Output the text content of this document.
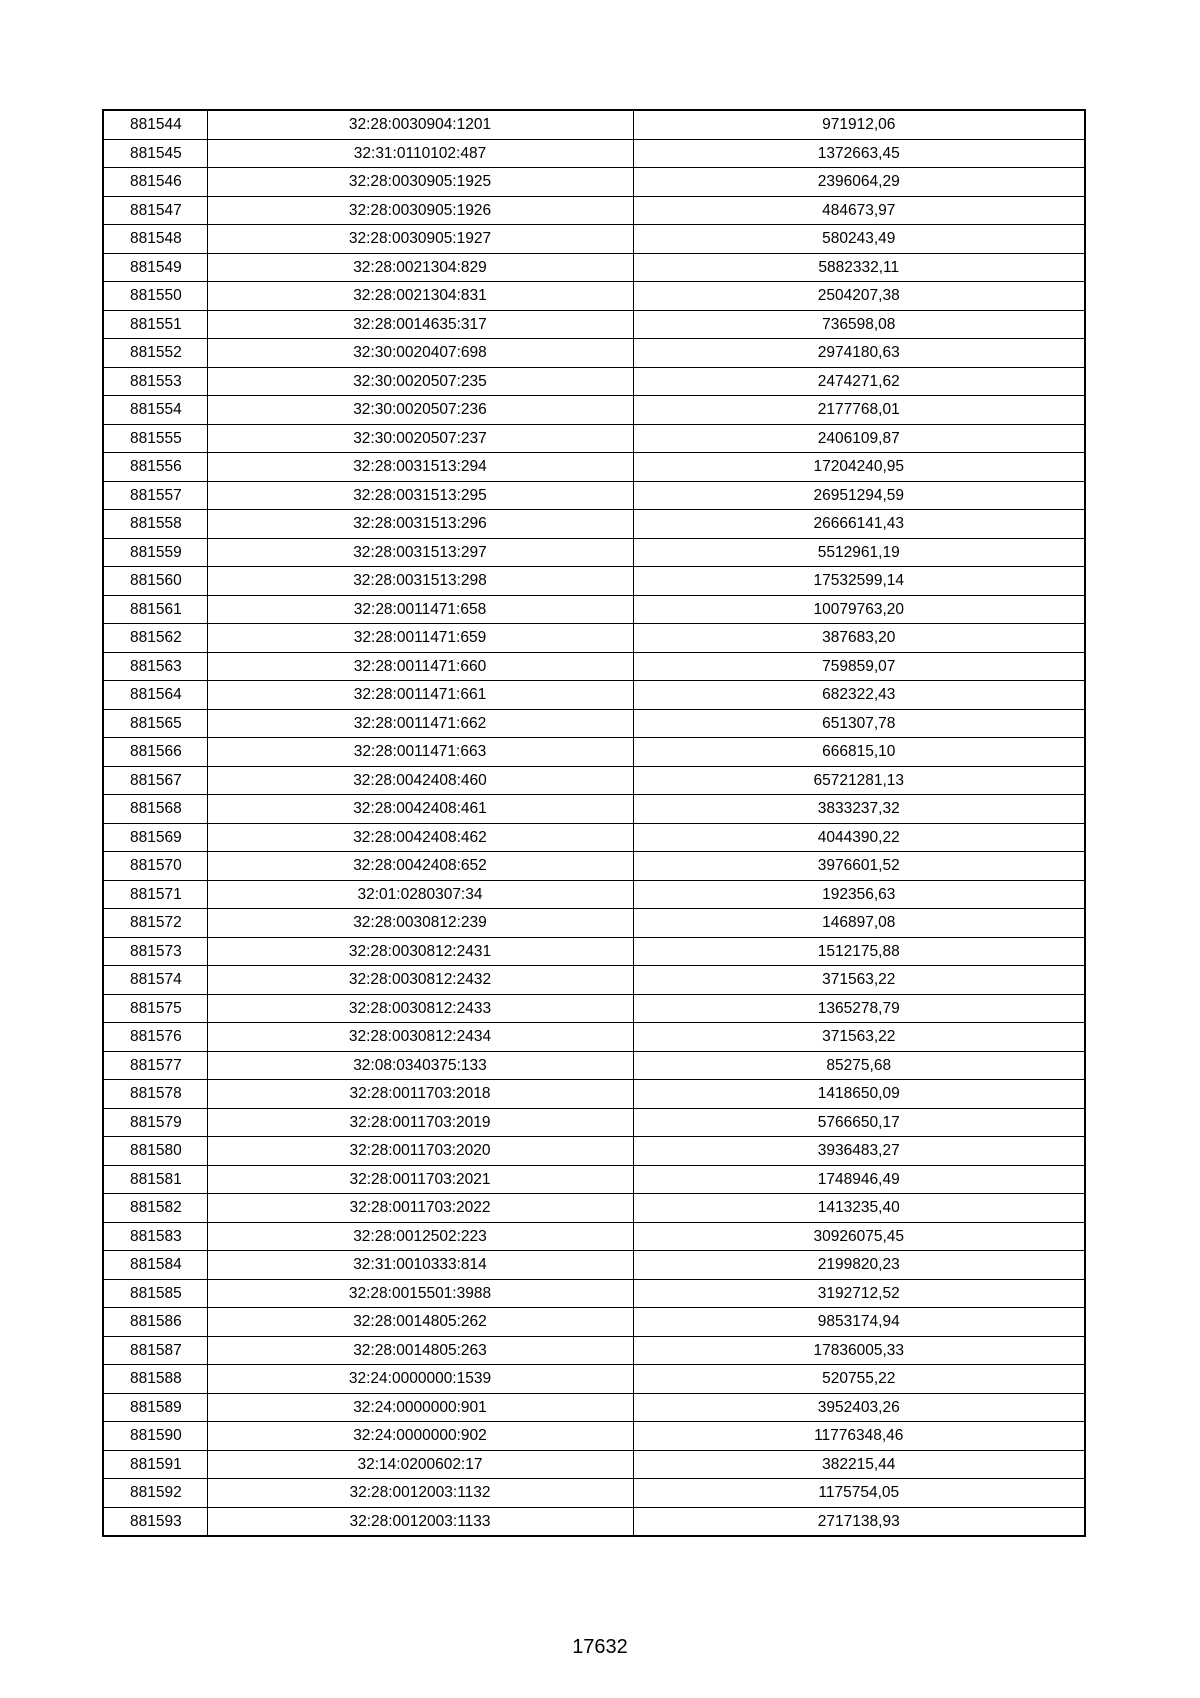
881544	32:28:0030904:1201	971912,06
881545	32:31:0110102:487	1372663,45
881546	32:28:0030905:1925	2396064,29
881547	32:28:0030905:1926	484673,97
881548	32:28:0030905:1927	580243,49
881549	32:28:0021304:829	5882332,11
881550	32:28:0021304:831	2504207,38
881551	32:28:0014635:317	736598,08
881552	32:30:0020407:698	2974180,63
881553	32:30:0020507:235	2474271,62
881554	32:30:0020507:236	2177768,01
881555	32:30:0020507:237	2406109,87
881556	32:28:0031513:294	17204240,95
881557	32:28:0031513:295	26951294,59
881558	32:28:0031513:296	26666141,43
881559	32:28:0031513:297	5512961,19
881560	32:28:0031513:298	17532599,14
881561	32:28:0011471:658	10079763,20
881562	32:28:0011471:659	387683,20
881563	32:28:0011471:660	759859,07
881564	32:28:0011471:661	682322,43
881565	32:28:0011471:662	651307,78
881566	32:28:0011471:663	666815,10
881567	32:28:0042408:460	65721281,13
881568	32:28:0042408:461	3833237,32
881569	32:28:0042408:462	4044390,22
881570	32:28:0042408:652	3976601,52
881571	32:01:0280307:34	192356,63
881572	32:28:0030812:239	146897,08
881573	32:28:0030812:2431	1512175,88
881574	32:28:0030812:2432	371563,22
881575	32:28:0030812:2433	1365278,79
881576	32:28:0030812:2434	371563,22
881577	32:08:0340375:133	85275,68
881578	32:28:0011703:2018	1418650,09
881579	32:28:0011703:2019	5766650,17
881580	32:28:0011703:2020	3936483,27
881581	32:28:0011703:2021	1748946,49
881582	32:28:0011703:2022	1413235,40
881583	32:28:0012502:223	30926075,45
881584	32:31:0010333:814	2199820,23
881585	32:28:0015501:3988	3192712,52
881586	32:28:0014805:262	9853174,94
881587	32:28:0014805:263	17836005,33
881588	32:24:0000000:1539	520755,22
881589	32:24:0000000:901	3952403,26
881590	32:24:0000000:902	11776348,46
881591	32:14:0200602:17	382215,44
881592	32:28:0012003:1132	1175754,05
881593	32:28:0012003:1133	2717138,93
17632
